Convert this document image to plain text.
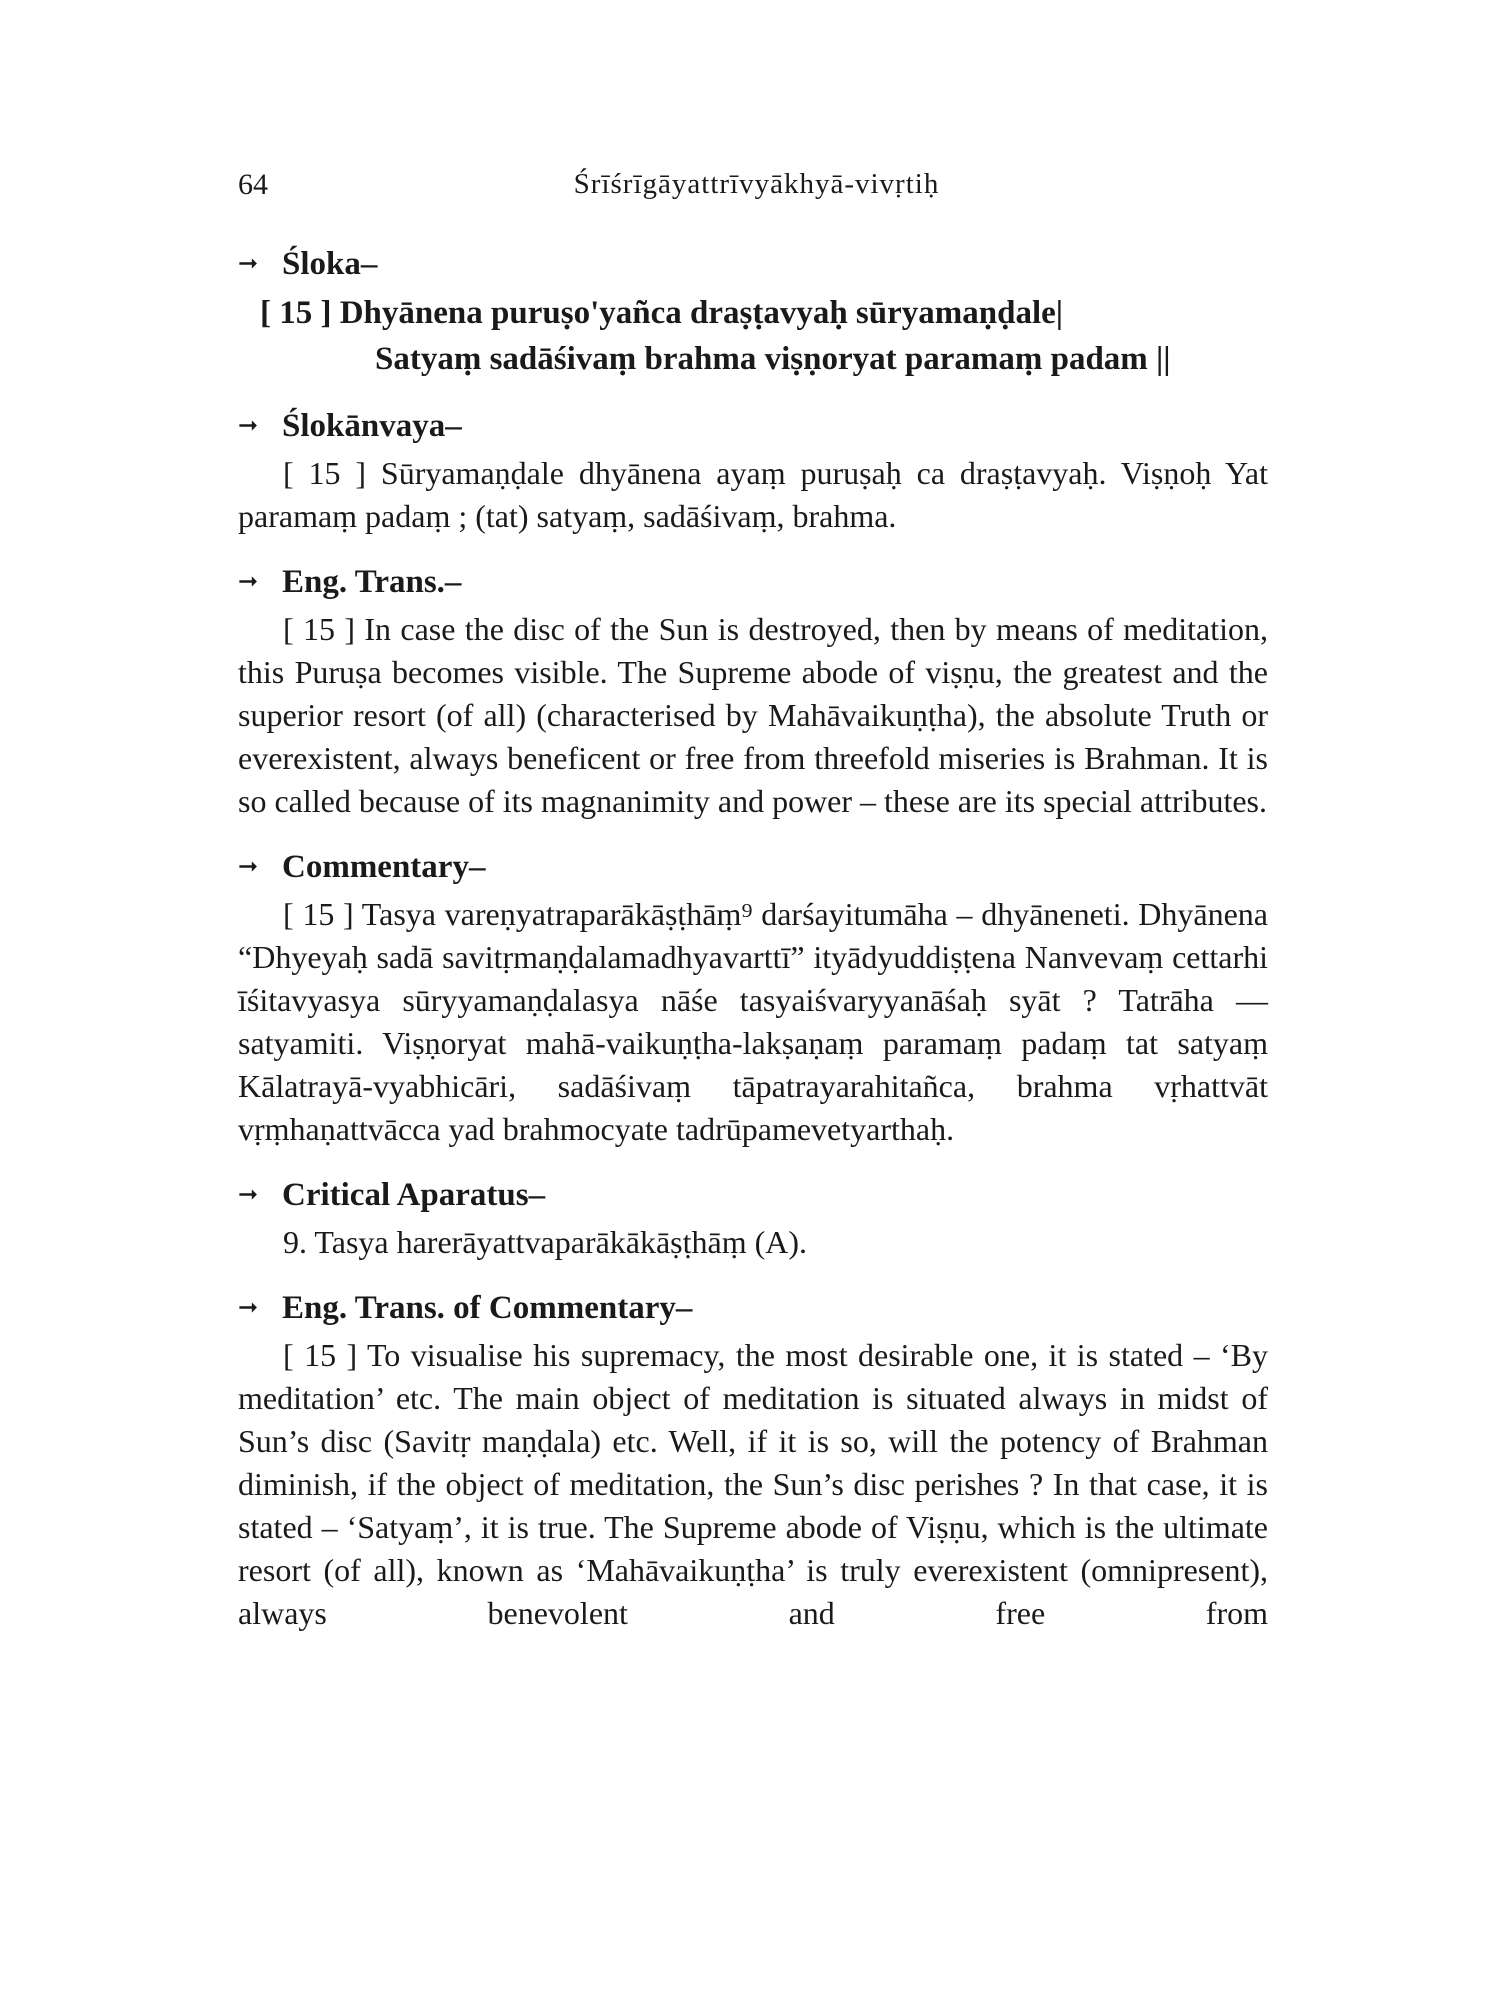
64	Śrīśrīgāyattrīvyākhyā-vivṛtiḥ
➞ Śloka–
[ 15 ] Dhyānena puruṣo'yañca draṣṭavyaḥ sūryamaṇḍale|
Satyaṃ sadāśivaṃ brahma viṣṇoryat paramaṃ padam ||
➞ Ślokānvaya–
[ 15 ] Sūryamaṇḍale dhyānena ayaṃ puruṣaḥ ca draṣṭavyaḥ. Viṣṇoḥ Yat paramaṃ padaṃ ; (tat) satyaṃ, sadāśivaṃ, brahma.
➞ Eng. Trans.–
[ 15 ] In case the disc of the Sun is destroyed, then by means of meditation, this Puruṣa becomes visible. The Supreme abode of viṣṇu, the greatest and the superior resort (of all) (characterised by Mahāvaikuṇṭha), the absolute Truth or everexistent, always beneficent or free from threefold miseries is Brahman. It is so called because of its magnanimity and power – these are its special attributes.
➞ Commentary–
[ 15 ] Tasya vareṇyatraparākāṣṭhāṃ⁹ darśayitumāha – dhyāneneti. Dhyānena “Dhyeyaḥ sadā savitṛmaṇḍalamadhyavarttī” ityādyuddiṣṭena Nanvevaṃ cettarhi īśitavyasya sūryyamaṇḍalasya nāśe tasyaiśvaryyanāśaḥ syāt ? Tatrāha — satyamiti. Viṣṇoryat mahā-vaikuṇṭha-lakṣaṇaṃ paramaṃ padaṃ tat satyaṃ Kālatrayā-vyabhicāri, sadāśivaṃ tāpatrayarahitañca, brahma vṛhattvāt vṛṃhaṇattvācca yad brahmocyate tadrūpamevetyarthaḥ.
➞ Critical Aparatus–
9. Tasya harerāyattvaparākākāṣṭhāṃ (A).
➞ Eng. Trans. of Commentary–
[ 15 ] To visualise his supremacy, the most desirable one, it is stated – ‘By meditation’ etc. The main object of meditation is situated always in midst of Sun’s disc (Savitṛ maṇḍala) etc. Well, if it is so, will the potency of Brahman diminish, if the object of meditation, the Sun’s disc perishes ? In that case, it is stated – ‘Satyaṃ’, it is true. The Supreme abode of Viṣṇu, which is the ultimate resort (of all), known as ‘Mahāvaikuṇṭha’ is truly everexistent (omnipresent), always benevolent and free from
